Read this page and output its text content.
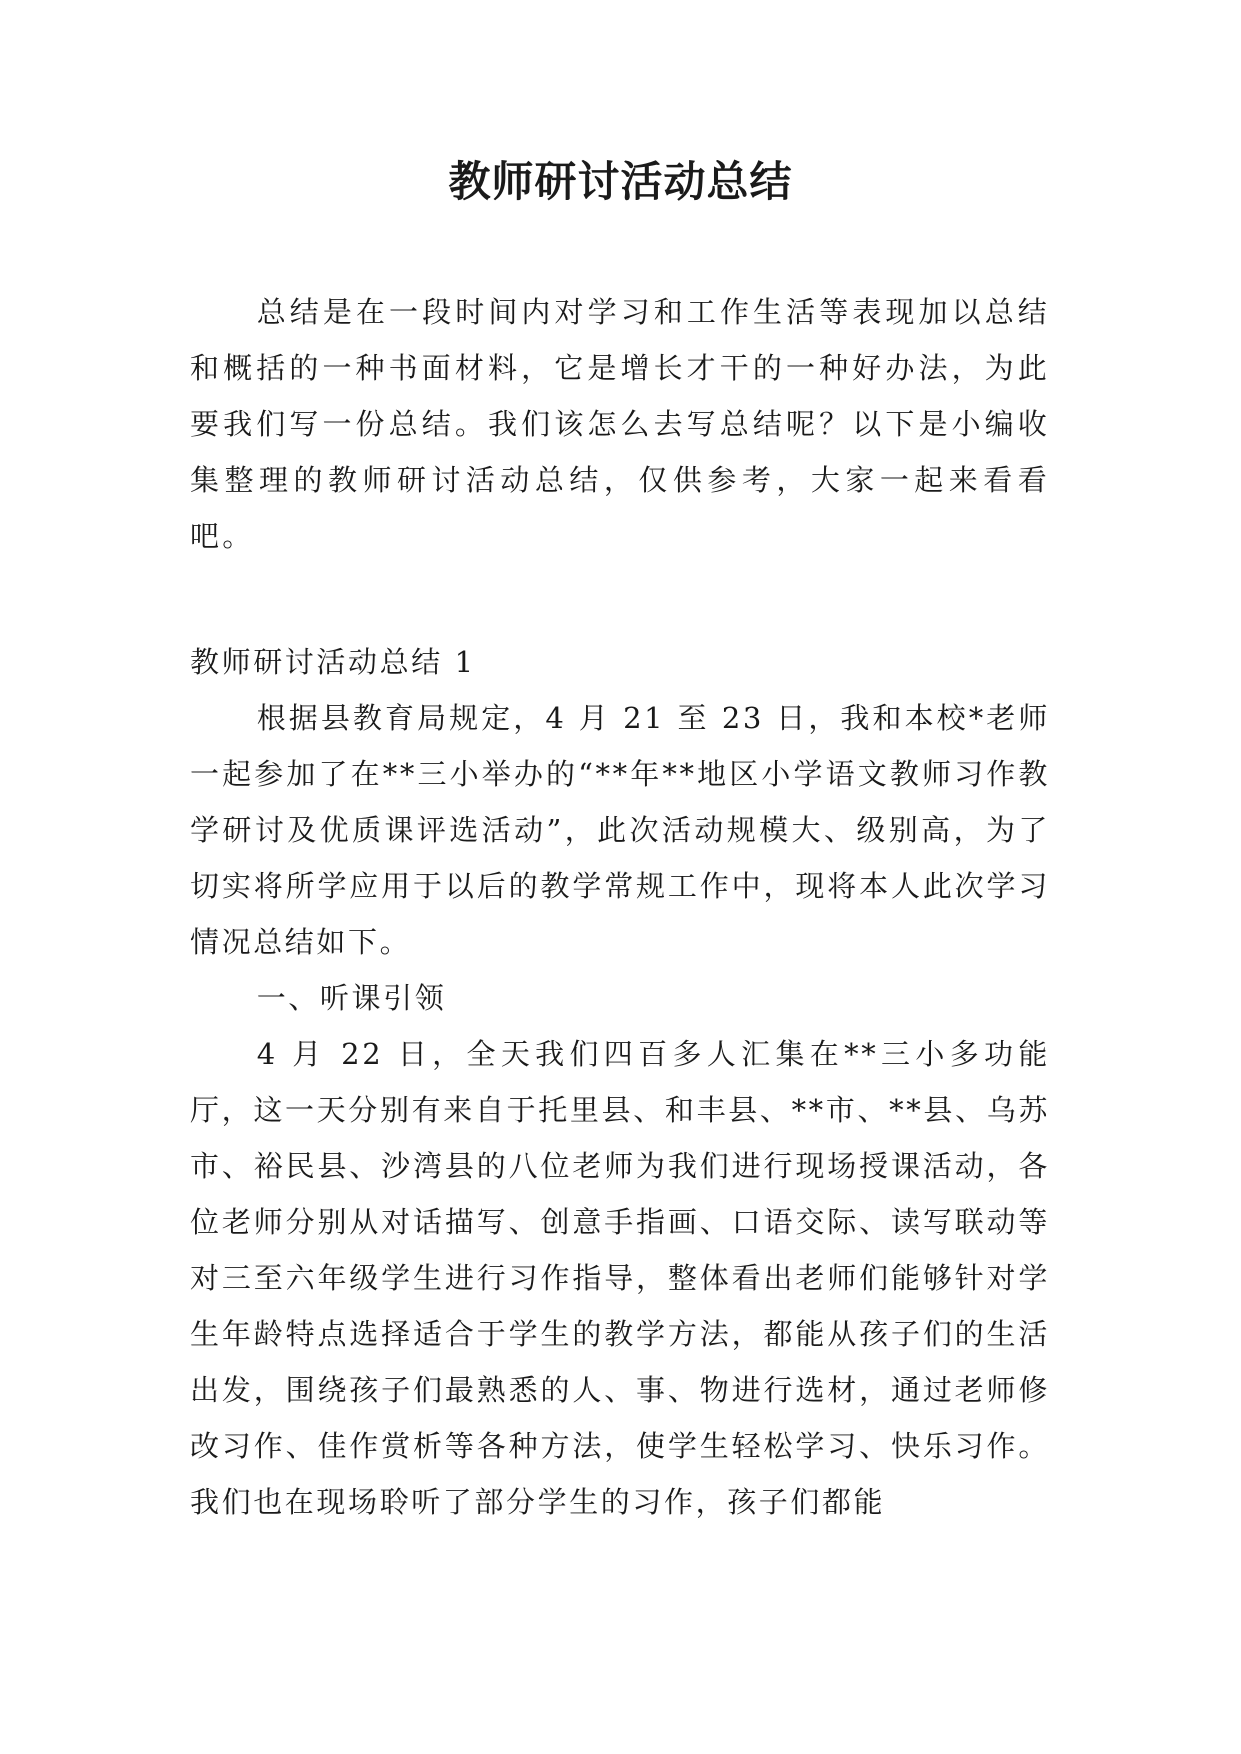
教师研讨活动总结

总结是在一段时间内对学习和工作生活等表现加以总结和概括的一种书面材料，它是增长才干的一种好办法，为此要我们写一份总结。我们该怎么去写总结呢？以下是小编收集整理的教师研讨活动总结，仅供参考，大家一起来看看吧。

教师研讨活动总结 1

根据县教育局规定，4 月 21 至 23 日，我和本校*老师一起参加了在**三小举办的“**年**地区小学语文教师习作教学研讨及优质课评选活动”，此次活动规模大、级别高，为了切实将所学应用于以后的教学常规工作中，现将本人此次学习情况总结如下。

一、听课引领

4 月 22 日，全天我们四百多人汇集在**三小多功能厅，这一天分别有来自于托里县、和丰县、**市、**县、乌苏市、裕民县、沙湾县的八位老师为我们进行现场授课活动，各位老师分别从对话描写、创意手指画、口语交际、读写联动等对三至六年级学生进行习作指导，整体看出老师们能够针对学生年龄特点选择适合于学生的教学方法，都能从孩子们的生活出发，围绕孩子们最熟悉的人、事、物进行选材，通过老师修改习作、佳作赏析等各种方法，使学生轻松学习、快乐习作。我们也在现场聆听了部分学生的习作，孩子们都能
